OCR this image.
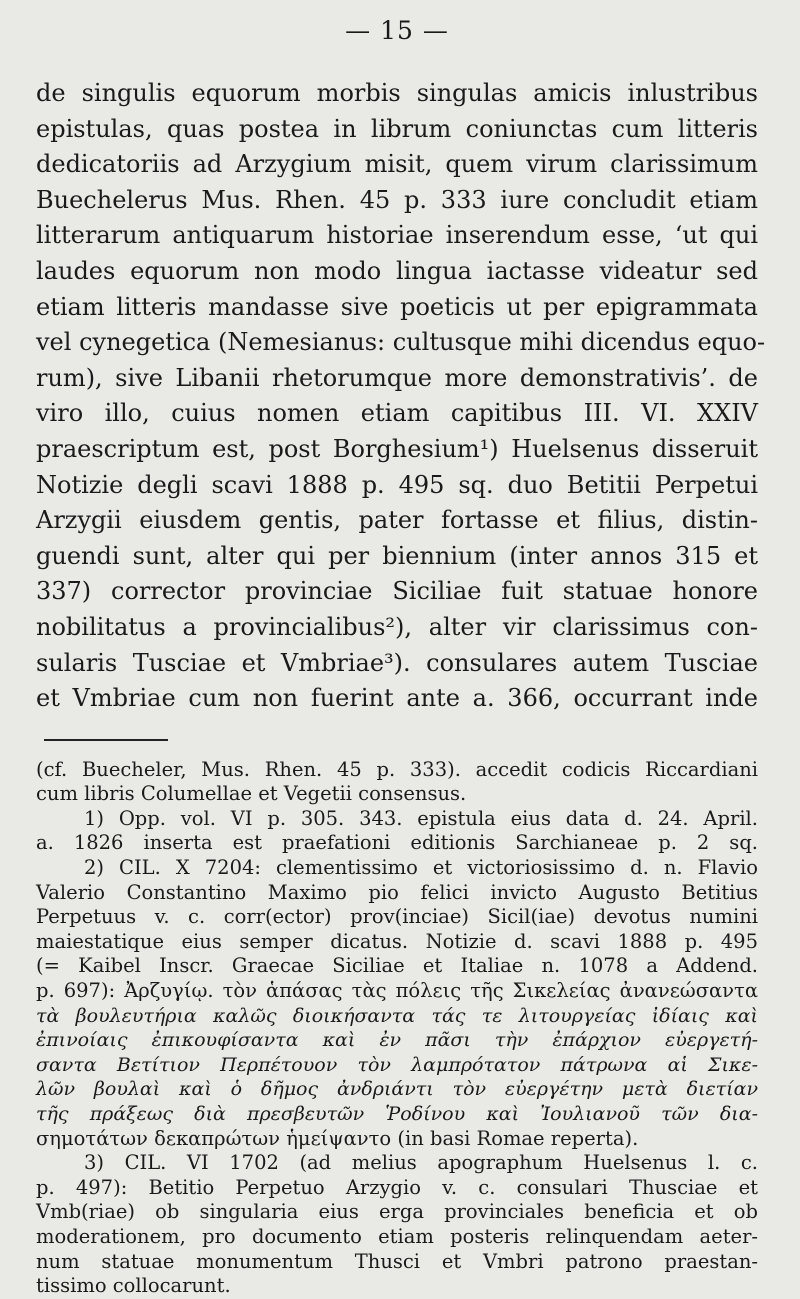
— 15 —
de singulis equorum morbis singulas amicis inlustribus
epistulas, quas postea in librum coniunctas cum litteris
dedicatoriis ad Arzygium misit, quem virum clarissimum
Buechelerus Mus. Rhen. 45 p. 333 iure concludit etiam
litterarum antiquarum historiae inserendum esse, ‘ut qui
laudes equorum non modo lingua iactasse videatur sed
etiam litteris mandasse sive poeticis ut per epigrammata
vel cynegetica (Nemesianus: cultusque mihi dicendus equo-
rum), sive Libanii rhetorumque more demonstrativis’. de
viro illo, cuius nomen etiam capitibus III. VI. XXIV
praescriptum est, post Borghesium¹) Huelsenus disseruit
Notizie degli scavi 1888 p. 495 sq. duo Betitii Perpetui
Arzygii eiusdem gentis, pater fortasse et filius, distin-
guendi sunt, alter qui per biennium (inter annos 315 et
337) corrector provinciae Siciliae fuit statuae honore
nobilitatus a provincialibus²), alter vir clarissimus con-
sularis Tusciae et Vmbriae³). consulares autem Tusciae
et Vmbriae cum non fuerint ante a. 366, occurrant inde
(cf. Buecheler, Mus. Rhen. 45 p. 333). accedit codicis Riccardiani
cum libris Columellae et Vegetii consensus.
1) Opp. vol. VI p. 305. 343. epistula eius data d. 24. April.
a. 1826 inserta est praefationi editionis Sarchianeae p. 2 sq.
2) CIL. X 7204: clementissimo et victoriosissimo d. n. Flavio
Valerio Constantino Maximo pio felici invicto Augusto Betitius
Perpetuus v. c. corr(ector) prov(inciae) Sicil(iae) devotus numini
maiestatique eius semper dicatus. Notizie d. scavi 1888 p. 495
(= Kaibel Inscr. Graecae Siciliae et Italiae n. 1078 a Addend.
p. 697): Ἀρζυγίῳ. τὸν ἁπάσας τὰς πόλεις τῆς Σικελείας ἀνανεώσαντα
τὰ βουλευτήρια καλῶς διοικήσαντα τάς τε λιτουργείας ἰδίαις καὶ
ἐπινοίαις ἐπικουφίσαντα καὶ ἐν πᾶσι τὴν ἐπάρχιον εὐεργετή-
σαντα Βετίτιον Περπέτουον τὸν λαμπρότατον πάτρωνα αἱ Σικε-
λῶν βουλαὶ καὶ ὁ δῆμος ἀνδριάντι τὸν εὐεργέτην μετὰ διετίαν
τῆς πράξεως διὰ πρεσβευτῶν Ῥοδίνου καὶ Ἰουλιανοῦ τῶν δια-
σημοτάτων δεκαπρώτων ἡμείψαντο (in basi Romae reperta).
3) CIL. VI 1702 (ad melius apographum Huelsenus l. c.
p. 497): Betitio Perpetuo Arzygio v. c. consulari Thusciae et
Vmb(riae) ob singularia eius erga provinciales beneficia et ob
moderationem, pro documento etiam posteris relinquendam aeter-
num statuae monumentum Thusci et Vmbri patrono praestan-
tissimo collocarunt.
